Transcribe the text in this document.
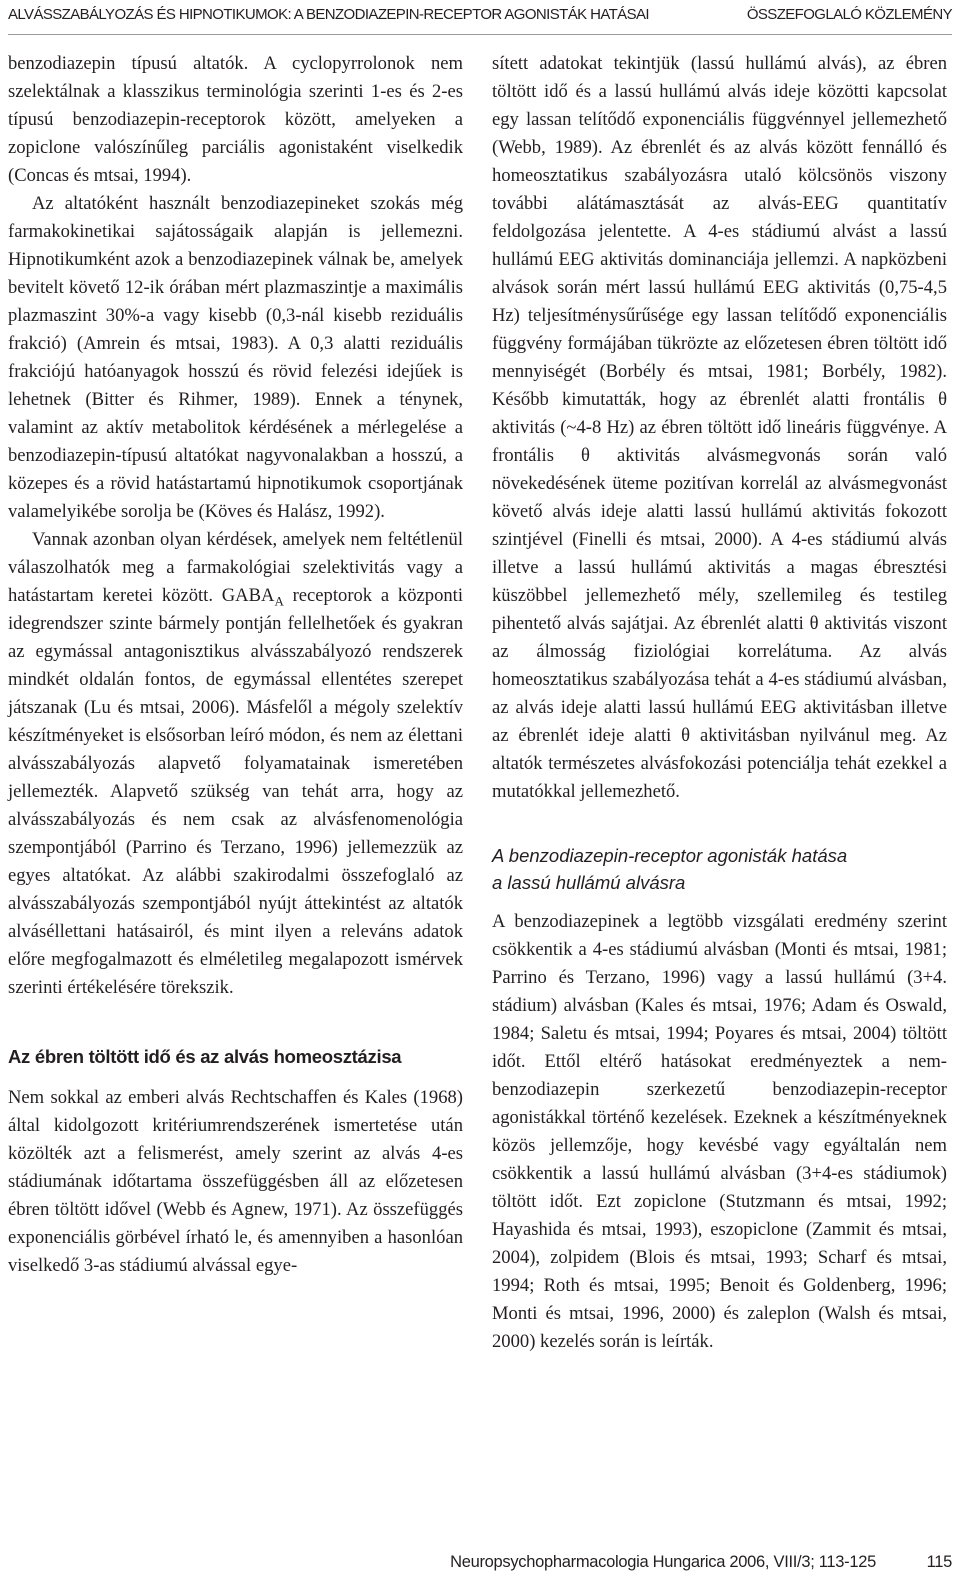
ALVÁSSZABÁLYOZÁS ÉS HIPNOTIKUMOK: A BENZODIAZEPIN-RECEPTOR AGONISTÁK HATÁSAI	ÖSSZEFOGLALÓ KÖZLEMÉNY

benzodiazepin típusú altatók. A cyclopyrrolonok nem szelektálnak a klasszikus terminológia szerinti 1-es és 2-es típusú benzodiazepin-receptorok között, amelyeken a zopiclone valószínűleg parciális agonistaként viselkedik (Concas és mtsai, 1994).

Az altatóként használt benzodiazepineket szokás még farmakokinetikai sajátosságaik alapján is jellemezni. Hipnotikumként azok a benzodiazepinek válnak be, amelyek bevitelt követő 12-ik órában mért plazmaszintje a maximális plazmaszint 30%-a vagy kisebb (0,3-nál kisebb reziduális frakció) (Amrein és mtsai, 1983). A 0,3 alatti reziduális frakciójú hatóanyagok hosszú és rövid felezési idejűek is lehetnek (Bitter és Rihmer, 1989). Ennek a ténynek, valamint az aktív metabolitok kérdésének a mérlegelése a benzodiazepin-típusú altatókat nagyvonalakban a hosszú, a közepes és a rövid hatástartamú hipnotikumok csoportjának valamelyikébe sorolja be (Köves és Halász, 1992).

Vannak azonban olyan kérdések, amelyek nem feltétlenül válaszolhatók meg a farmakológiai szelektivitás vagy a hatástartam keretei között. $GABA_A$ receptorok a központi idegrendszer szinte bármely pontján fellelhetőek és gyakran az egymással antagonisztikus alvásszabályozó rendszerek mindkét oldalán fontos, de egymással ellentétes szerepet játszanak (Lu és mtsai, 2006). Másfelől a mégoly szelektív készítményeket is elsősorban leíró módon, és nem az élettani alvásszabályozás alapvető folyamatainak ismeretében jellemezték. Alapvető szükség van tehát arra, hogy az alvásszabályozás és nem csak az alvásfenomenológia szempontjából (Parrino és Terzano, 1996) jellemezzük az egyes altatókat. Az alábbi szakirodalmi összefoglaló az alvásszabályozás szempontjából nyújt áttekintést az altatók alváséllettani hatásairól, és mint ilyen a releváns adatok előre megfogalmazott és elméletileg megalapozott ismérvek szerinti értékelésére törekszik.

Az ébren töltött idő és az alvás homeosztázisa

Nem sokkal az emberi alvás Rechtschaffen és Kales (1968) által kidolgozott kritériumrendszerének ismertetése után közölték azt a felismerést, amely szerint az alvás 4-es stádiumának időtartama összefüggésben áll az előzetesen ébren töltött idővel (Webb és Agnew, 1971). Az összefüggés exponenciális görbével írható le, és amennyiben a hasonlóan viselkedő 3-as stádiumú alvással egye-

sített adatokat tekintjük (lassú hullámú alvás), az ébren töltött idő és a lassú hullámú alvás ideje közötti kapcsolat egy lassan telítődő exponenciális függvénnyel jellemezhető (Webb, 1989). Az ébrenlét és az alvás között fennálló és homeosztatikus szabályozásra utaló kölcsönös viszony további alátámasztását az alvás-EEG quantitatív feldolgozása jelentette. A 4-es stádiumú alvást a lassú hullámú EEG aktivitás dominanciája jellemzi. A napközbeni alvások során mért lassú hullámú EEG aktivitás (0,75-4,5 Hz) teljesítménysűrűsége egy lassan telítődő exponenciális függvény formájában tükrözte az előzetesen ébren töltött idő mennyiségét (Borbély és mtsai, 1981; Borbély, 1982). Később kimutatták, hogy az ébrenlét alatti frontális θ aktivitás (~4-8 Hz) az ébren töltött idő lineáris függvénye. A frontális θ aktivitás alvásmegvonás során való növekedésének üteme pozitívan korrelál az alvásmegvonást követő alvás ideje alatti lassú hullámú aktivitás fokozott szintjével (Finelli és mtsai, 2000). A 4-es stádiumú alvás illetve a lassú hullámú aktivitás a magas ébresztési küszöbbel jellemezhető mély, szellemileg és testileg pihentető alvás sajátjai. Az ébrenlét alatti θ aktivitás viszont az álmosság fiziológiai korrelátuma. Az alvás homeosztatikus szabályozása tehát a 4-es stádiumú alvásban, az alvás ideje alatti lassú hullámú EEG aktivitásban illetve az ébrenlét ideje alatti θ aktivitásban nyilvánul meg. Az altatók természetes alvásfokozási potenciálja tehát ezekkel a mutatókkal jellemezhető.

A benzodiazepin-receptor agonisták hatása
a lassú hullámú alvásra

A benzodiazepinek a legtöbb vizsgálati eredmény szerint csökkentik a 4-es stádiumú alvásban (Monti és mtsai, 1981; Parrino és Terzano, 1996) vagy a lassú hullámú (3+4. stádium) alvásban (Kales és mtsai, 1976; Adam és Oswald, 1984; Saletu és mtsai, 1994; Poyares és mtsai, 2004) töltött időt. Ettől eltérő hatásokat eredményeztek a nem-benzodiazepin szerkezetű benzodiazepin-receptor agonistákkal történő kezelések. Ezeknek a készítményeknek közös jellemzője, hogy kevésbé vagy egyáltalán nem csökkentik a lassú hullámú alvásban (3+4-es stádiumok) töltött időt. Ezt zopiclone (Stutzmann és mtsai, 1992; Hayashida és mtsai, 1993), eszopiclone (Zammit és mtsai, 2004), zolpidem (Blois és mtsai, 1993; Scharf és mtsai, 1994; Roth és mtsai, 1995; Benoit és Goldenberg, 1996; Monti és mtsai, 1996, 2000) és zaleplon (Walsh és mtsai, 2000) kezelés során is leírták.

Neuropsychopharmacologia Hungarica 2006, VIII/3; 113-125	115
